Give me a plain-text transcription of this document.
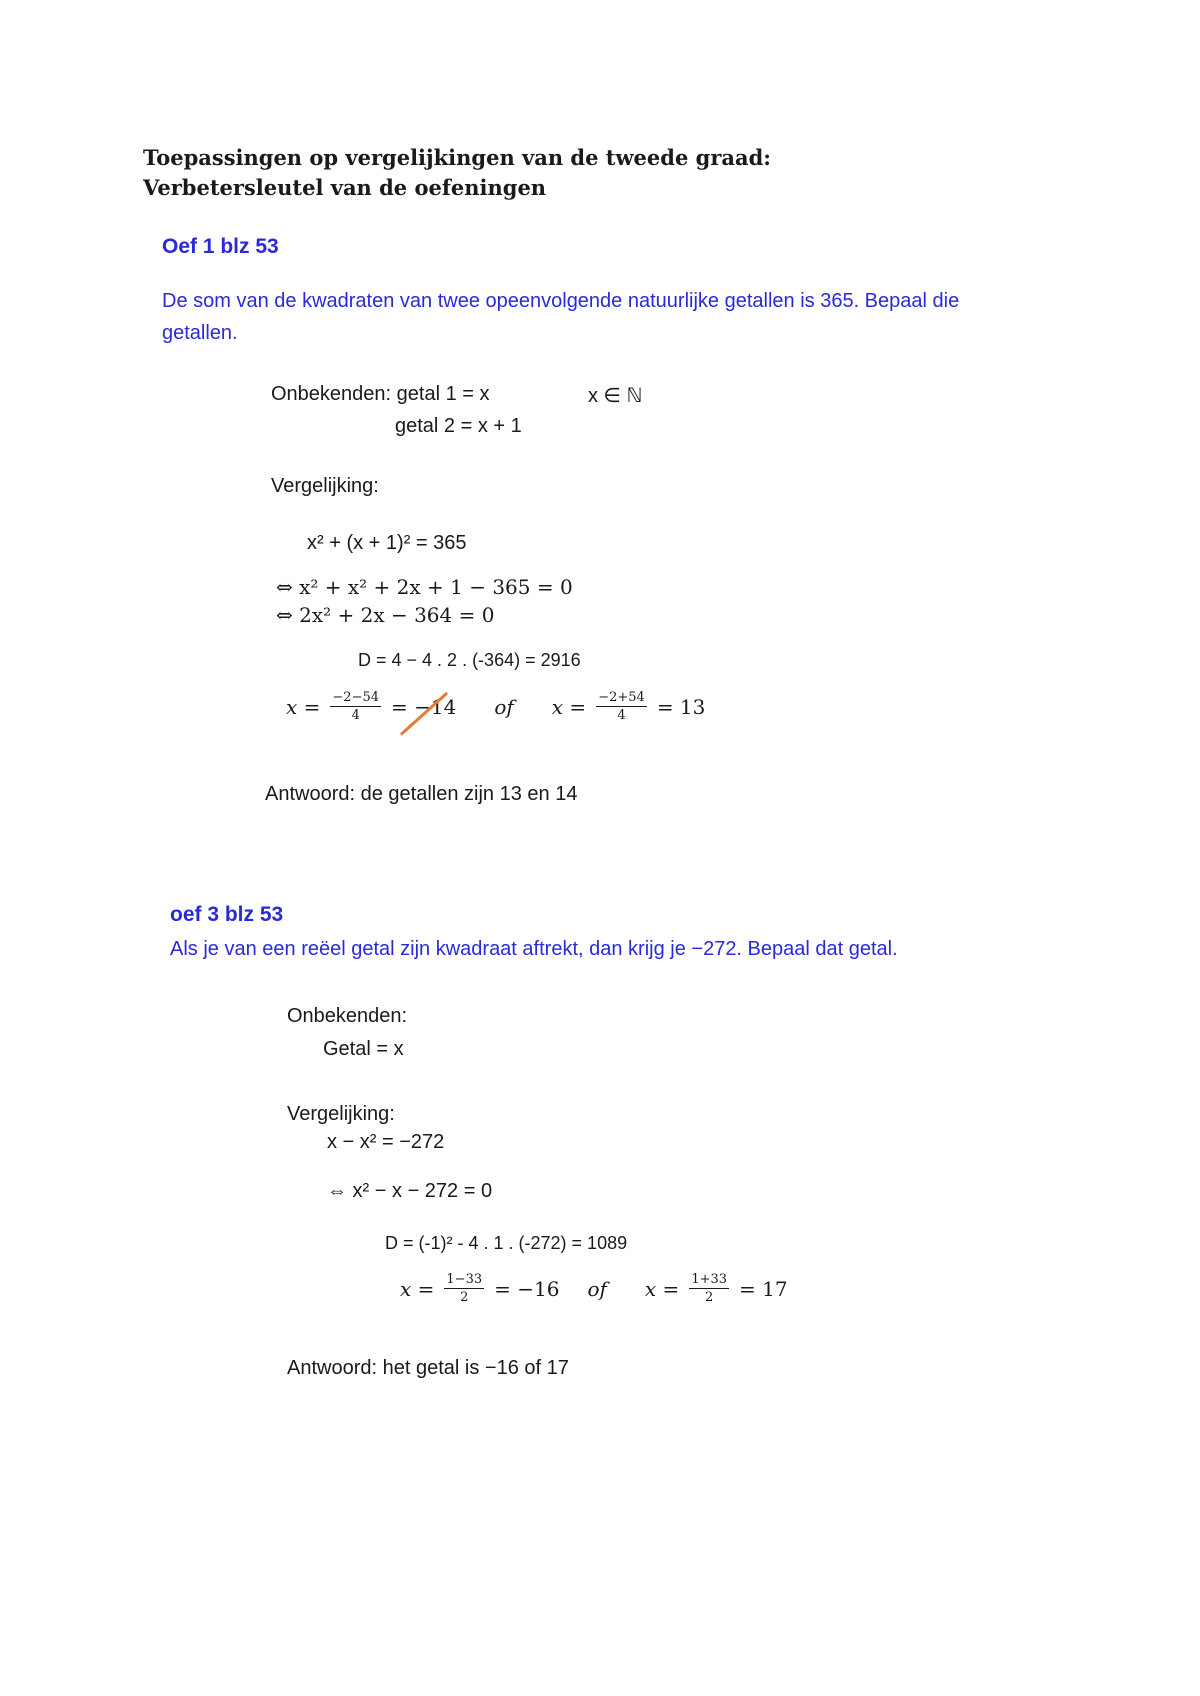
Toepassingen op vergelijkingen van de tweede graad:
Verbetersleutel van de oefeningen
Oef 1 blz 53
De som van de kwadraten van twee opeenvolgende natuurlijke getallen is 365. Bepaal die
getallen.
Onbekenden: getal 1 = x	x ∈ ℕ
getal 2 = x + 1
Vergelijking:
x² + (x + 1)² = 365
⇔ x² + x² + 2x + 1 − 365 = 0
⇔ 2x² + 2x − 364 = 0
D = 4 − 4 . 2 . (-364) = 2916
$x = \frac{-2-54}{4} = -14$ of $x = \frac{-2+54}{4} = 13$
Antwoord: de getallen zijn 13 en 14
oef 3 blz 53
Als je van een reëel getal zijn kwadraat aftrekt, dan krijg je −272. Bepaal dat getal.
Onbekenden:
Getal = x
Vergelijking:
x − x² = −272
⇔ x² − x − 272 = 0
D = (-1)² - 4 . 1 . (-272) = 1089
$x = \frac{1-33}{2} = -16$ of $x = \frac{1+33}{2} = 17$
Antwoord: het getal is −16 of 17
